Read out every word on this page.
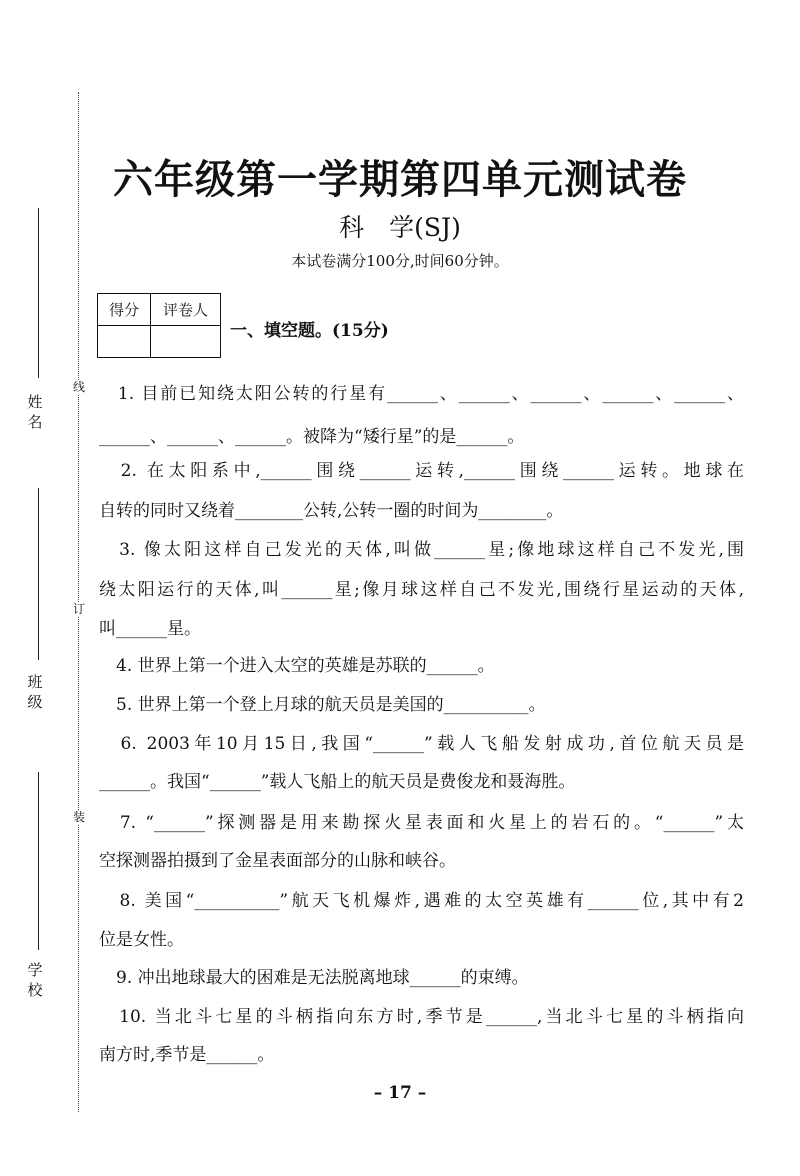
姓名
班级
学校
线
订
装
六年级第一学期第四单元测试卷
科　学(SJ)
本试卷满分100分,时间60分钟。
得分	评卷人

一、填空题。(15分)
　1. 目前已知绕太阳公转的行星有______、______、______、______、______、
______、______、______。被降为“矮行星”的是______。
　2. 在太阳系中,______围绕______运转,______围绕______运转。地球在
自转的同时又绕着________公转,公转一圈的时间为________。
　3. 像太阳这样自己发光的天体,叫做______星;像地球这样自己不发光,围
绕太阳运行的天体,叫______星;像月球这样自己不发光,围绕行星运动的天体,
叫______星。
　4. 世界上第一个进入太空的英雄是苏联的______。
　5. 世界上第一个登上月球的航天员是美国的__________。
　6. 2003年10月15日,我国“______”载人飞船发射成功,首位航天员是
______。我国“______”载人飞船上的航天员是费俊龙和聂海胜。
　7. “______”探测器是用来勘探火星表面和火星上的岩石的。“______”太
空探测器拍摄到了金星表面部分的山脉和峡谷。
　8. 美国“__________”航天飞机爆炸,遇难的太空英雄有______位,其中有2
位是女性。
　9. 冲出地球最大的困难是无法脱离地球______的束缚。
　10. 当北斗七星的斗柄指向东方时,季节是______,当北斗七星的斗柄指向
南方时,季节是______。
– 17 –
